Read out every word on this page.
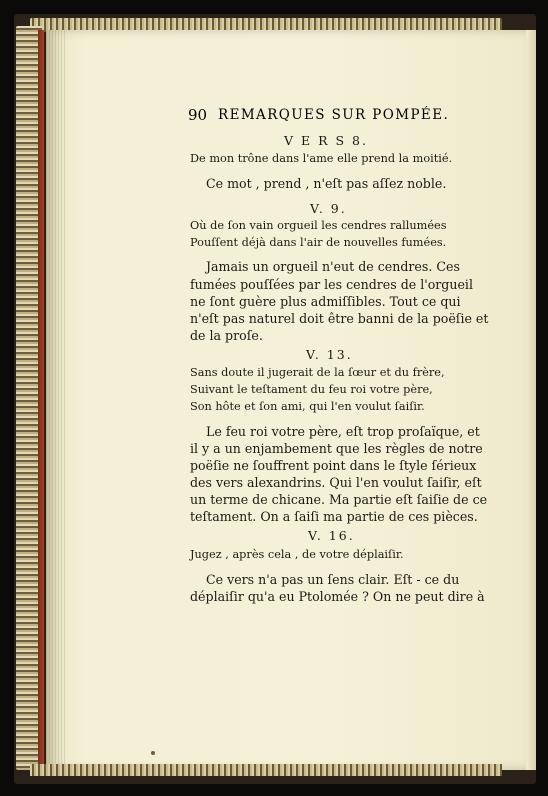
90 REMARQUES SUR POMPÉE.
V E R S 8.
De mon trône dans l'ame elle prend la moitié.
Ce mot , prend , n'eſt pas aſſez noble.
V. 9.
Où de ſon vain orgueil les cendres rallumées
Pouſſent déjà dans l'air de nouvelles fumées.
Jamais un orgueil n'eut de cendres. Ces
fumées pouſſées par les cendres de l'orgueil
ne ſont guère plus admiſſibles. Tout ce qui
n'eſt pas naturel doit être banni de la poëſie et
de la proſe.
V. 13.
Sans doute il jugerait de la ſœur et du frère,
Suivant le teſtament du feu roi votre père,
Son hôte et ſon ami, qui l'en voulut ſaiſir.
Le feu roi votre père, eſt trop proſaïque, et
il y a un enjambement que les règles de notre
poëſie ne ſouffrent point dans le ſtyle ſérieux
des vers alexandrins. Qui l'en voulut ſaiſir, eſt
un terme de chicane. Ma partie eſt ſaiſie de ce
teſtament. On a ſaiſi ma partie de ces pièces.
V. 16.
Jugez , après cela , de votre déplaiſir.
Ce vers n'a pas un ſens clair. Eſt - ce du
déplaiſir qu'a eu Ptolomée ? On ne peut dire à
